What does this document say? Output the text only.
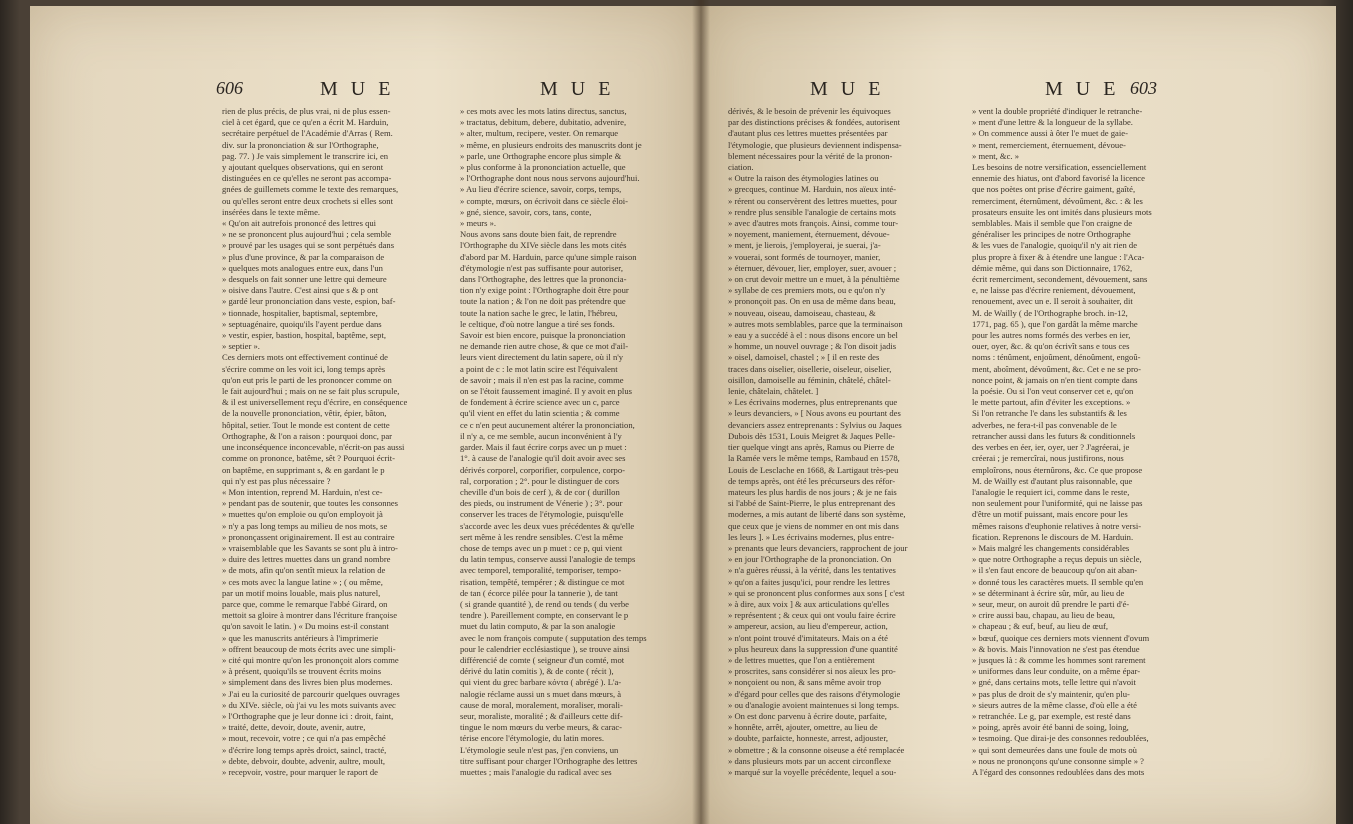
606	M U E	M U E
rien de plus précis, de plus vrai, ni de plus essen-
ciel à cet égard, que ce qu'en a écrit M. Harduin,
secrétaire perpétuel de l'Académie d'Arras ( Rem.
div. sur la prononciation & sur l'Orthographe,
pag. 77. ) Je vais simplement le transcrire ici, en
y ajoutant quelques observations, qui en seront
distinguées en ce qu'elles ne seront pas accompa-
gnées de guillemets comme le texte des remarques,
ou qu'elles seront entre deux crochets si elles sont
insérées dans le texte même.
« Qu'on ait autrefois prononcé des lettres qui
» ne se prononcent plus aujourd'hui ; cela semble
» prouvé par les usages qui se sont perpétués dans
» plus d'une province, & par la comparaison de
» quelques mots analogues entre eux, dans l'un
» desquels on fait sonner une lettre qui demeure
» oisive dans l'autre. C'est ainsi que s & p ont
» gardé leur prononciation dans veste, espion, baf-
» tionnade, hospitalier, baptismal, septembre,
» septuagénaire, quoiqu'ils l'ayent perdue dans
» vestir, espier, bastion, hospital, baptême, sept,
» septier ».
Ces derniers mots ont effectivement continué de
s'écrire comme on les voit ici, long temps après
qu'on eut pris le parti de les prononcer comme on
le fait aujourd'hui ; mais on ne se fait plus scrupule,
& il est universellement reçu d'écrire, en conséquence
de la nouvelle prononciation, vêtir, épier, bâton,
hôpital, setier. Tout le monde est content de cette
Orthographe, & l'on a raison : pourquoi donc, par
une inconséquence inconcevable, n'écrit-on pas aussi
comme on prononce, batême, sêt ? Pourquoi écrit-
on baptême, en supprimant s, & en gardant le p
qui n'y est pas plus nécessaire ?
« Mon intention, reprend M. Harduin, n'est ce-
» pendant pas de soutenir, que toutes les consonnes
» muettes qu'on emploie ou qu'on employoit jà
» n'y a pas long temps au milieu de nos mots, se
» prononçassent originairement. Il est au contraire
» vraisemblable que les Savants se sont plu à intro-
» duire des lettres muettes dans un grand nombre
» de mots, afin qu'on sentît mieux la relation de
» ces mots avec la langue latine » ; ( ou même,
par un motif moins louable, mais plus naturel,
parce que, comme le remarque l'abbé Girard, on
mettoit sa gloire à montrer dans l'écriture françoise
qu'on savoit le latin. ) « Du moins est-il constant
» que les manuscrits antérieurs à l'imprimerie
» offrent beaucoup de mots écrits avec une simpli-
» cité qui montre qu'on les prononçoit alors comme
» à présent, quoiqu'ils se trouvent écrits moins
» simplement dans des livres bien plus modernes.
» J'ai eu la curiosité de parcourir quelques ouvrages
» du XIVe. siècle, où j'ai vu les mots suivants avec
» l'Orthographe que je leur donne ici : droit, faint,
» traité, dette, devoir, doute, avenir, autre,
» mout, recevoir, votre ; ce qui n'a pas empêché
» d'écrire long temps après droict, saincl, tracté,
» debte, debvoir, doubte, advenir, aultre, moult,
» recepvoir, vostre, pour marquer le raport de
» ces mots avec les mots latins directus, sanctus,
» tractatus, debitum, debere, dubitatio, advenire,
» alter, multum, recipere, vester. On remarque
» même, en plusieurs endroits des manuscrits dont je
» parle, une Orthographe encore plus simple &
» plus conforme à la prononciation actuelle, que
» l'Orthographe dont nous nous servons aujourd'hui.
» Au lieu d'écrire science, savoir, corps, temps,
» compte, mœurs, on écrivoit dans ce siècle éloi-
» gné, sience, savoir, cors, tans, conte,
» meurs ».
Nous avons sans doute bien fait, de reprendre
l'Orthographe du XIVe siècle dans les mots cités
d'abord par M. Harduin, parce qu'une simple raison
d'étymologie n'est pas suffisante pour autoriser,
dans l'Orthographe, des lettres que la prononcia-
tion n'y exige point : l'Orthographe doit être pour
toute la nation ; & l'on ne doit pas prétendre que
toute la nation sache le grec, le latin, l'hébreu,
le celtique, d'où notre langue a tiré ses fonds.
Savoir est bien encore, puisque la prononciation
ne demande rien autre chose, & que ce mot d'ail-
leurs vient directement du latin sapere, où il n'y
a point de c : le mot latin scire est l'équivalent
de savoir ; mais il n'en est pas la racine, comme
on se l'étoit faussement imaginé. Il y avoit en plus
de fondement à écrire science avec un c, parce
qu'il vient en effet du latin scientia ; & comme
ce c n'en peut aucunement altérer la prononciation,
il n'y a, ce me semble, aucun inconvénient à l'y
garder. Mais il faut écrire corps avec un p muet :
1°. à cause de l'analogie qu'il doit avoir avec ses
dérivés corporel, corporifier, corpulence, corpo-
ral, corporation ; 2°. pour le distinguer de cors
cheville d'un bois de cerf ), & de cor ( durillon
des pieds, ou instrument de Vénerie ) ; 3°. pour
conserver les traces de l'étymologie, puisqu'elle
s'accorde avec les deux vues précédentes & qu'elle
sert même à les rendre sensibles. C'est la même
chose de temps avec un p muet : ce p, qui vient
du latin tempus, conserve aussi l'analogie de temps
avec temporel, temporalité, temporiser, tempo-
risation, tempêté, tempérer ; & distingue ce mot
de tan ( écorce pilée pour la tannerie ), de tant
( si grande quantité ), de rend ou tends ( du verbe
tendre ). Pareillement compte, en conservant le p
muet du latin computo, & par la son analogie
avec le nom françois compute ( supputation des temps
pour le calendrier ecclésiastique ), se trouve ainsi
différencié de comte ( seigneur d'un comté, mot
dérivé du latin comitis ), & de conte ( récit ),
qui vient du grec barbare κόντα ( abrégé ). L'a-
nalogie réclame aussi un s muet dans mœurs, à
cause de moral, moralement, moraliser, morali-
seur, moraliste, moralité ; & d'ailleurs cette dif-
tingue le nom mœurs du verbe meurs, & carac-
térise encore l'étymologie, du latin mores.
L'étymologie seule n'est pas, j'en conviens, un
titre suffisant pour charger l'Orthographe des lettres
muettes ; mais l'analogie du radical avec ses
M U E	M U E 603
dérivés, & le besoin de prévenir les équivoques
par des distinctions précises & fondées, autorisent
d'autant plus ces lettres muettes présentées par
l'étymologie, que plusieurs deviennent indispensa-
blement nécessaires pour la vérité de la pronon-
ciation.
« Outre la raison des étymologies latines ou
» grecques, continue M. Harduin, nos aïeux inté-
» rérent ou conservèrent des lettres muettes, pour
» rendre plus sensible l'analogie de certains mots
» avec d'autres mots françois. Ainsi, comme tour-
» noyement, maniement, éternuement, dévoue-
» ment, je lierois, j'employerai, je suerai, j'a-
» vouerai, sont formés de tournoyer, manier,
» éternuer, dévouer, lier, employer, suer, avouer ;
» on crut devoir mettre un e muet, à la pénultième
» syllabe de ces premiers mots, ou e qu'on n'y
» prononçoit pas. On en usa de même dans beau,
» nouveau, oiseau, damoiseau, chasteau, &
» autres mots semblables, parce que la terminaison
» eau y a succédé à el : nous disons encore un bel
» homme, un nouvel ouvrage ; & l'on disoit jadis
» oisel, damoisel, chastel ; » [ il en reste des
traces dans oiselier, oisellerie, oiseleur, oiselier,
oisillon, damoiselle au féminin, châtelé, châtel-
lenie, châtelain, châtelet. ]
» Les écrivains modernes, plus entreprenants que
» leurs devanciers, » [ Nous avons eu pourtant des
devanciers assez entreprenants : Sylvius ou Jaques
Dubois dès 1531, Louis Meigret & Jaques Pelle-
tier quelque vingt ans après, Ramus ou Pierre de
la Ramée vers le même temps, Rambaud en 1578,
Louis de Lesclache en 1668, & Lartigaut très-peu
de temps après, ont été les précurseurs des réfor-
mateurs les plus hardis de nos jours ; & je ne fais
si l'abbé de Saint-Pierre, le plus entreprenant des
modernes, a mis autant de liberté dans son système,
que ceux que je viens de nommer en ont mis dans
les leurs ]. » Les écrivains modernes, plus entre-
» prenants que leurs devanciers, rapprochent de jour
» en jour l'Orthographe de la prononciation. On
» n'a guères réussi, à la vérité, dans les tentatives
» qu'on a faites jusqu'ici, pour rendre les lettres
» qui se prononcent plus conformes aux sons [ c'est
» à dire, aux voix ] & aux articulations qu'elles
» représentent ; & ceux qui ont voulu faire écrire
» ampereur, acsion, au lieu d'empereur, action,
» n'ont point trouvé d'imitateurs. Mais on a été
» plus heureux dans la suppression d'une quantité
» de lettres muettes, que l'on a entièrement
» proscrites, sans considérer si nos aïeux les pro-
» nonçoient ou non, & sans même avoir trop
» d'égard pour celles que des raisons d'étymologie
» ou d'analogie avoient maintenues si long temps.
» On est donc parvenu à écrire doute, parfaite,
» honnête, arrêt, ajouter, omettre, au lieu de
» doubte, parfaicte, honneste, arrest, adjouster,
» obmettre ; & la consonne oiseuse a été remplacée
» dans plusieurs mots par un accent circonflexe
» marqué sur la voyelle précédente, lequel a sou-
» vent la double propriété d'indiquer le retranche-
» ment d'une lettre & la longueur de la syllabe.
» On commence aussi à ôter l'e muet de gaie-
» ment, remerciement, éternuement, dévoue-
» ment, &c. »
Les besoins de notre versification, essenciellement
ennemie des hiatus, ont d'abord favorisé la licence
que nos poètes ont prise d'écrire gaiment, gaîté,
remerciment, éternûment, dévoûment, &c. : & les
prosateurs ensuite les ont imités dans plusieurs mots
semblables. Mais il semble que l'on craigne de
généraliser les principes de notre Orthographe
& les vues de l'analogie, quoiqu'il n'y ait rien de
plus propre à fixer & à étendre une langue : l'Aca-
démie même, qui dans son Dictionnaire, 1762,
écrit remerciment, secondement, dévouement, sans
e, ne laisse pas d'écrire reniement, dévouement,
renouement, avec un e. Il seroit à souhaiter, dit
M. de Wailly ( de l'Orthographe broch. in-12,
1771, pag. 65 ), que l'on gardât la même marche
pour les autres noms formés des verbes en ier,
ouer, oyer, &c. & qu'on écrivît sans e tous ces
noms : ténûment, enjoûment, dénoûment, engoû-
ment, aboîment, dévoûment, &c. Cet e ne se pro-
nonce point, & jamais on n'en tient compte dans
la poésie. Ou si l'on veut conserver cet e, qu'on
le mette partout, afin d'éviter les exceptions. »
Si l'on retranche l'e dans les substantifs & les
adverbes, ne fera-t-il pas convenable de le
retrancher aussi dans les futurs & conditionnels
des verbes en éer, ier, oyer, uer ? J'agréerai, je
créerai ; je remercîrai, nous justifirons, nous
emploîrons, nous éternûrons, &c. Ce que propose
M. de Wailly est d'autant plus raisonnable, que
l'analogie le requiert ici, comme dans le reste,
non seulement pour l'uniformité, qui ne laisse pas
d'être un motif puissant, mais encore pour les
mêmes raisons d'euphonie relatives à notre versi-
fication. Reprenons le discours de M. Harduin.
» Mais malgré les changements considérables
» que notre Orthographe a reçus depuis un siècle,
» il s'en faut encore de beaucoup qu'on ait aban-
» donné tous les caractères muets. Il semble qu'en
» se déterminant à écrire sûr, mûr, au lieu de
» seur, meur, on auroit dû prendre le parti d'é-
» crire aussi bau, chapau, au lieu de beau,
» chapeau ; & euf, beuf, au lieu de œuf,
» bœuf, quoique ces derniers mots viennent d'ovum
» & bovis. Mais l'innovation ne s'est pas étendue
» jusques là : & comme les hommes sont rarement
» uniformes dans leur conduite, on a même épar-
» gné, dans certains mots, telle lettre qui n'avoit
» pas plus de droit de s'y maintenir, qu'en plu-
» sieurs autres de la même classe, d'où elle a été
» retranchée. Le g, par exemple, est resté dans
» poing, après avoir été banni de soing, loing,
» tesmoing. Que dirai-je des consonnes redoublées,
» qui sont demeurées dans une foule de mots où
» nous ne prononçons qu'une consonne simple » ?
A l'égard des consonnes redoublées dans des mots
